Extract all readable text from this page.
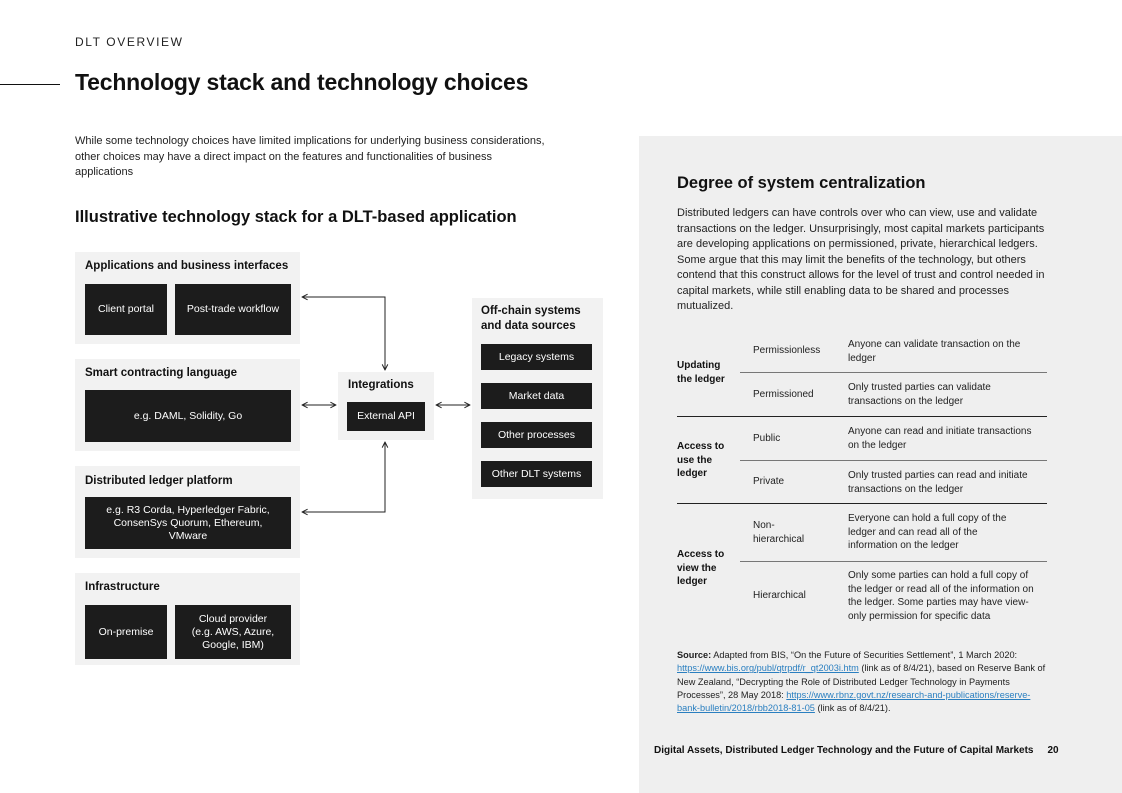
DLT OVERVIEW
Technology stack and technology choices

While some technology choices have limited implications for underlying business considerations, other choices may have a direct impact on the features and functionalities of business applications

Illustrative technology stack for a DLT-based application
Applications and business interfaces
Client portal	Post-trade workflow
Smart contracting language
e.g. DAML, Solidity, Go
Distributed ledger platform
e.g. R3 Corda, Hyperledger Fabric, ConsenSys Quorum, Ethereum, VMware
Infrastructure
On-premise
Cloud provider (e.g. AWS, Azure, Google, IBM)
Integrations
External API
Off-chain systems and data sources
Legacy systems
Market data
Other processes
Other DLT systems
Degree of system centralization

Distributed ledgers can have controls over who can view, use and validate transactions on the ledger. Unsurprisingly, most capital markets participants are developing applications on permissioned, private, hierarchical ledgers. Some argue that this may limit the benefits of the technology, but others contend that this construct allows for the level of trust and control needed in capital markets, while still enabling data to be shared and processes mutualized.

Updating the ledger
Permissionless
Anyone can validate transaction on the ledger
Permissioned
Only trusted parties can validate transactions on the ledger
Access to use the ledger
Public
Anyone can read and initiate transactions on the ledger
Private
Only trusted parties can read and initiate transactions on the ledger
Access to view the ledger
Non-hierarchical
Everyone can hold a full copy of the ledger and can read all of the information on the ledger
Hierarchical
Only some parties can hold a full copy of the ledger or read all of the information on the ledger. Some parties may have view-only permission for specific data

Source: Adapted from BIS, “On the Future of Securities Settlement”, 1 March 2020: https://www.bis.org/publ/qtrpdf/r_qt2003i.htm (link as of 8/4/21), based on Reserve Bank of New Zealand, “Decrypting the Role of Distributed Ledger Technology in Payments Processes”, 28 May 2018: https://www.rbnz.govt.nz/research-and-publications/reserve-bank-bulletin/2018/rbb2018-81-05 (link as of 8/4/21).

Digital Assets, Distributed Ledger Technology and the Future of Capital Markets 20
